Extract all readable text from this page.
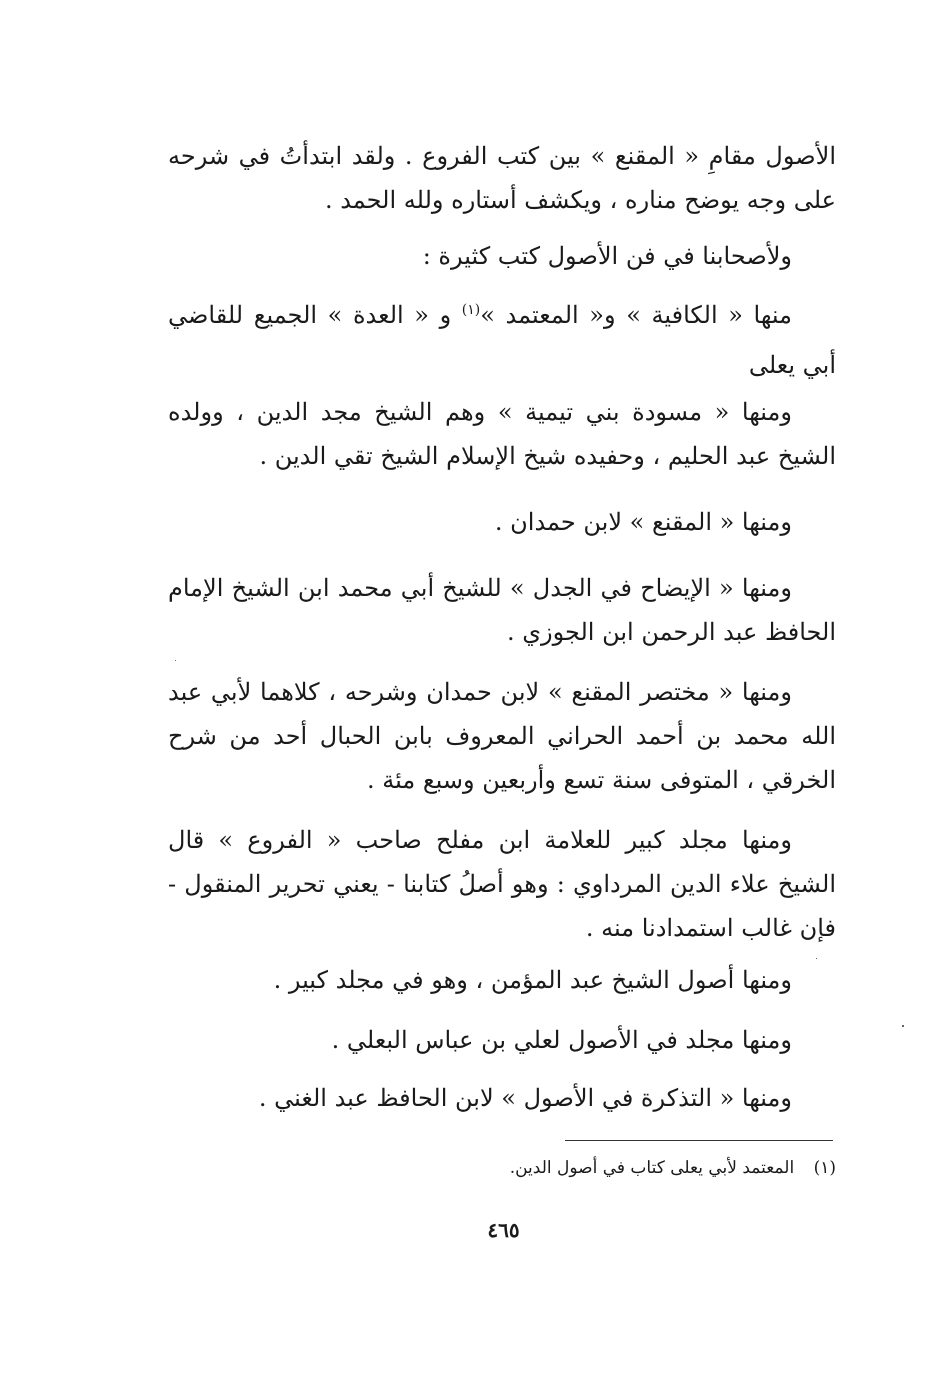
الأصول مقامِ « المقنع » بين كتب الفروع . ولقد ابتدأتُ في شرحه على وجه يوضح مناره ، ويكشف أستاره ولله الحمد .
ولأصحابنا في فن الأصول كتب كثيرة :
منها « الكافية » و« المعتمد »$^{(١)}$ و « العدة » الجميع للقاضي أبي يعلى
ومنها « مسودة بني تيمية » وهم الشيخ مجد الدين ، وولده الشيخ عبد الحليم ، وحفيده شيخ الإسلام الشيخ تقي الدين .
ومنها « المقنع » لابن حمدان .
ومنها « الإيضاح في الجدل » للشيخ أبي محمد ابن الشيخ الإمام الحافظ عبد الرحمن ابن الجوزي .
ومنها « مختصر المقنع » لابن حمدان وشرحه ، كلاهما لأبي عبد الله محمد بن أحمد الحراني المعروف بابن الحبال أحد من شرح الخرقي ، المتوفى سنة تسع وأربعين وسبع مئة .
ومنها مجلد كبير للعلامة ابن مفلح صاحب « الفروع » قال الشيخ علاء الدين المرداوي : وهو أصلُ كتابنا - يعني تحرير المنقول - فإن غالب استمدادنا منه .
ومنها أصول الشيخ عبد المؤمن ، وهو في مجلد كبير .
ومنها مجلد في الأصول لعلي بن عباس البعلي .
ومنها « التذكرة في الأصول » لابن الحافظ عبد الغني .
(١) المعتمد لأبي يعلى كتاب في أصول الدين.
٤٦٥
